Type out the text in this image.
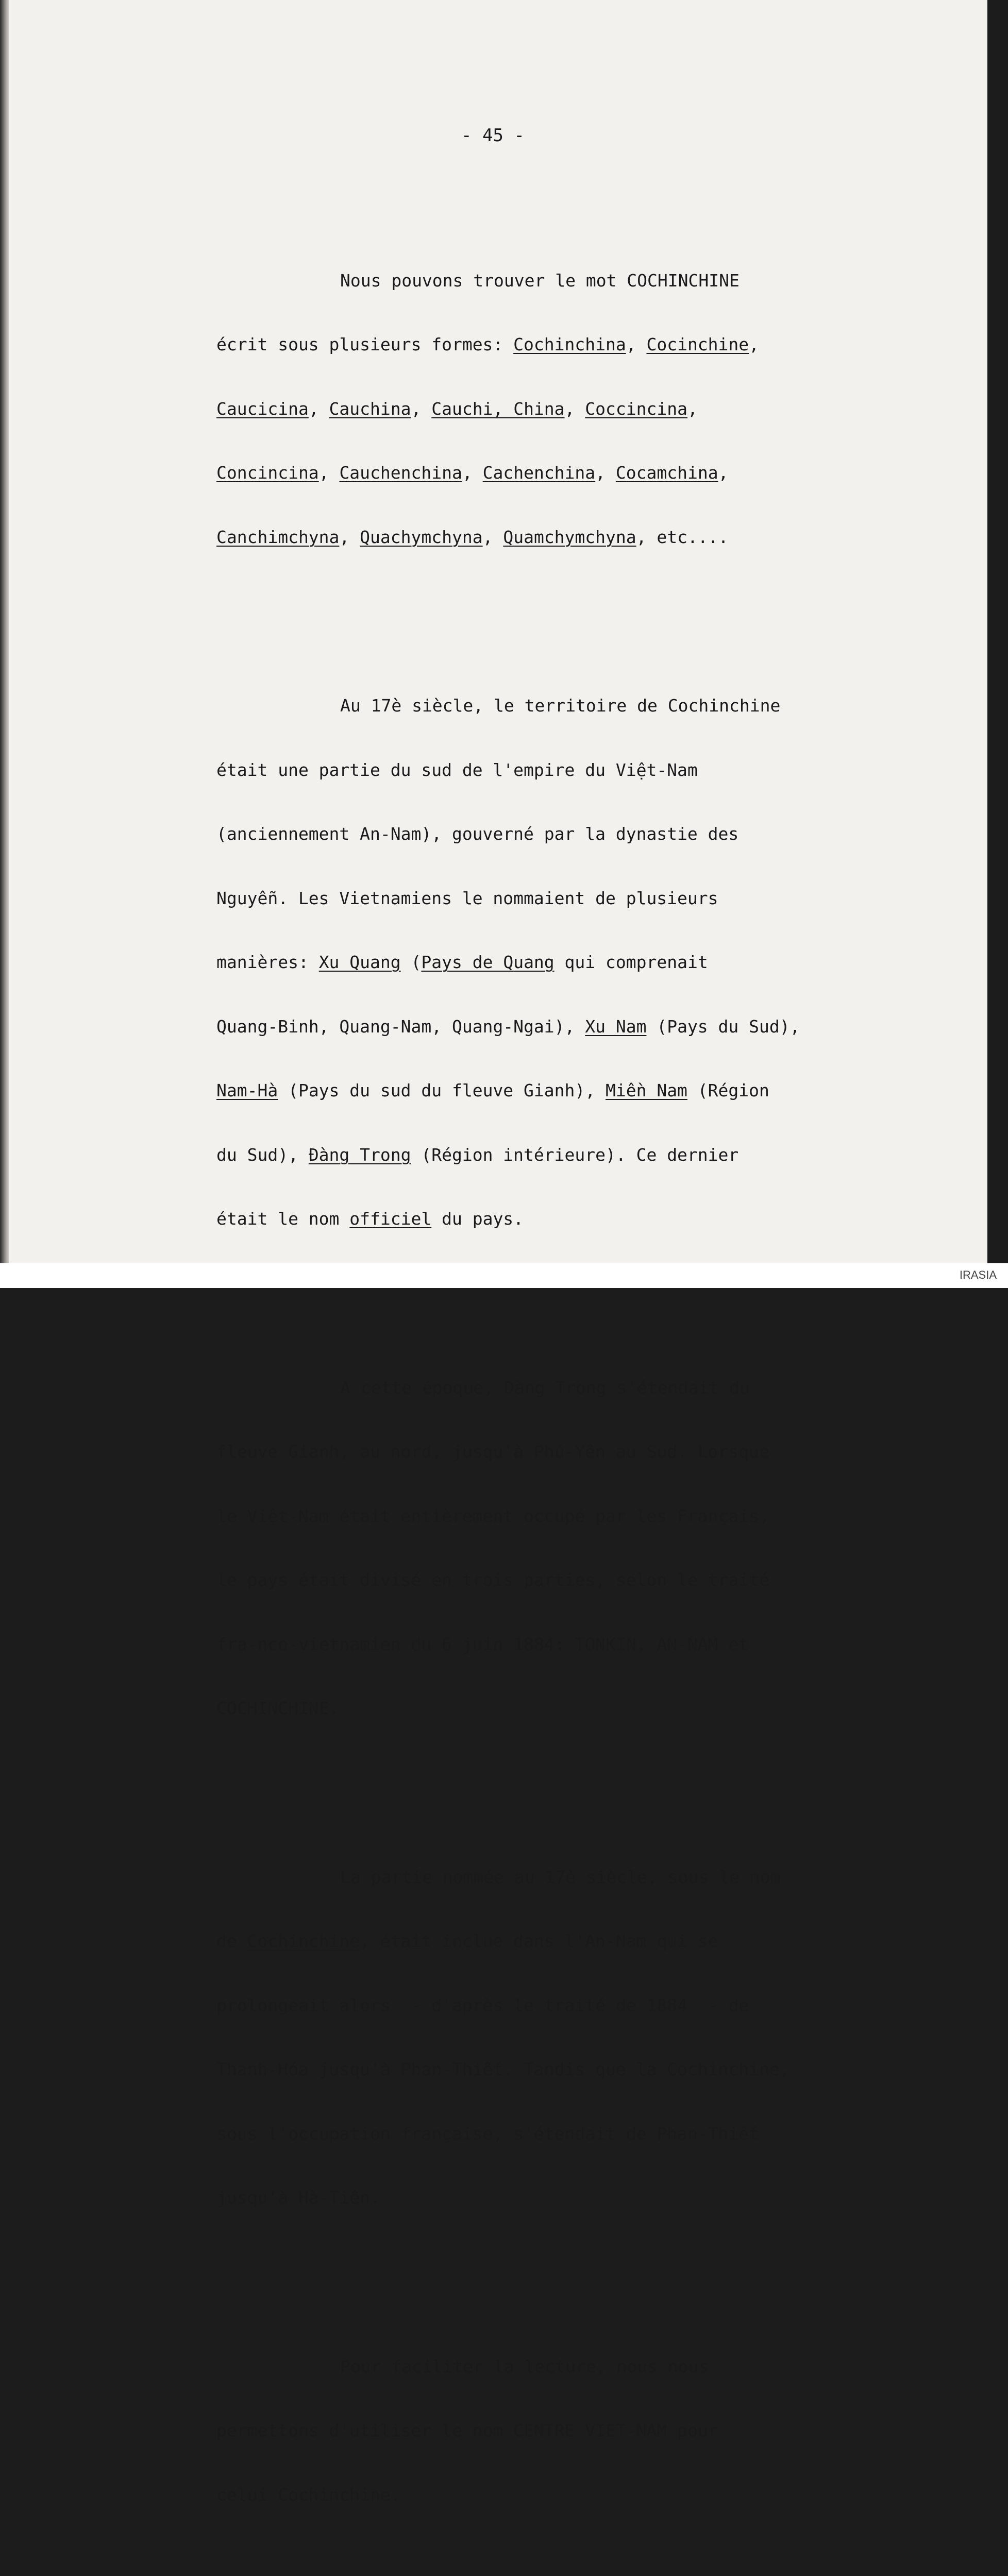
IRASIA

- 45 -

Nous pouvons trouver le mot COCHINCHINE

écrit sous plusieurs formes: Cochinchina, Cocinchine,

Caucicina, Cauchina, Cauchi, China, Coccincina,

Concincina, Cauchenchina, Cachenchina, Cocamchina,

Canchimchyna, Quachymchyna, Quamchymchyna, etc....

Au 17è siècle, le territoire de Cochinchine

était une partie du sud de l'empire du Việt-Nam

(anciennement An-Nam), gouverné par la dynastie des

Nguyễn. Les Vietnamiens le nommaient de plusieurs

manières: Xu Quang (Pays de Quang qui comprenait

Quang-Binh, Quang-Nam, Quang-Ngai), Xu Nam (Pays du Sud),

Nam-Hà (Pays du sud du fleuve Gianh), Miền Nam (Région

du Sud), Đàng Trong (Région intérieure). Ce dernier

était le nom officiel du pays.

A cette époque, Dàng Trong s'étendait du

fleuve Gianh, au nord, jusqu'à Phú-Yên au Sud. Lorsque

le Việt-Nam était entièrement occupé par les Français,

le pays était divisé en trois parties, selon le traité

fra-nco-vietnamien du 6 juin 1884: TONKIN, AN-NAM et

COCHINCHINE.

La partie nommée au 17è siècle, sous le nom

de Cochinchine, était inclue dans l'An-Nam qui se

prolongeait alors  - d'après le traité de 1884  - de

Thanh-Hóa jusqu'à Phan-Thiết. Tandis que la Cochinchine,

sous l'occupation française, s'étendait de Phan-Thiết

jusqu'à Hà-Tiên.

Pour faciliter la lecture, nous nous

permettons d'utiliser le nom CENTRE VIET-NAM pour

celui Cochinchine.
